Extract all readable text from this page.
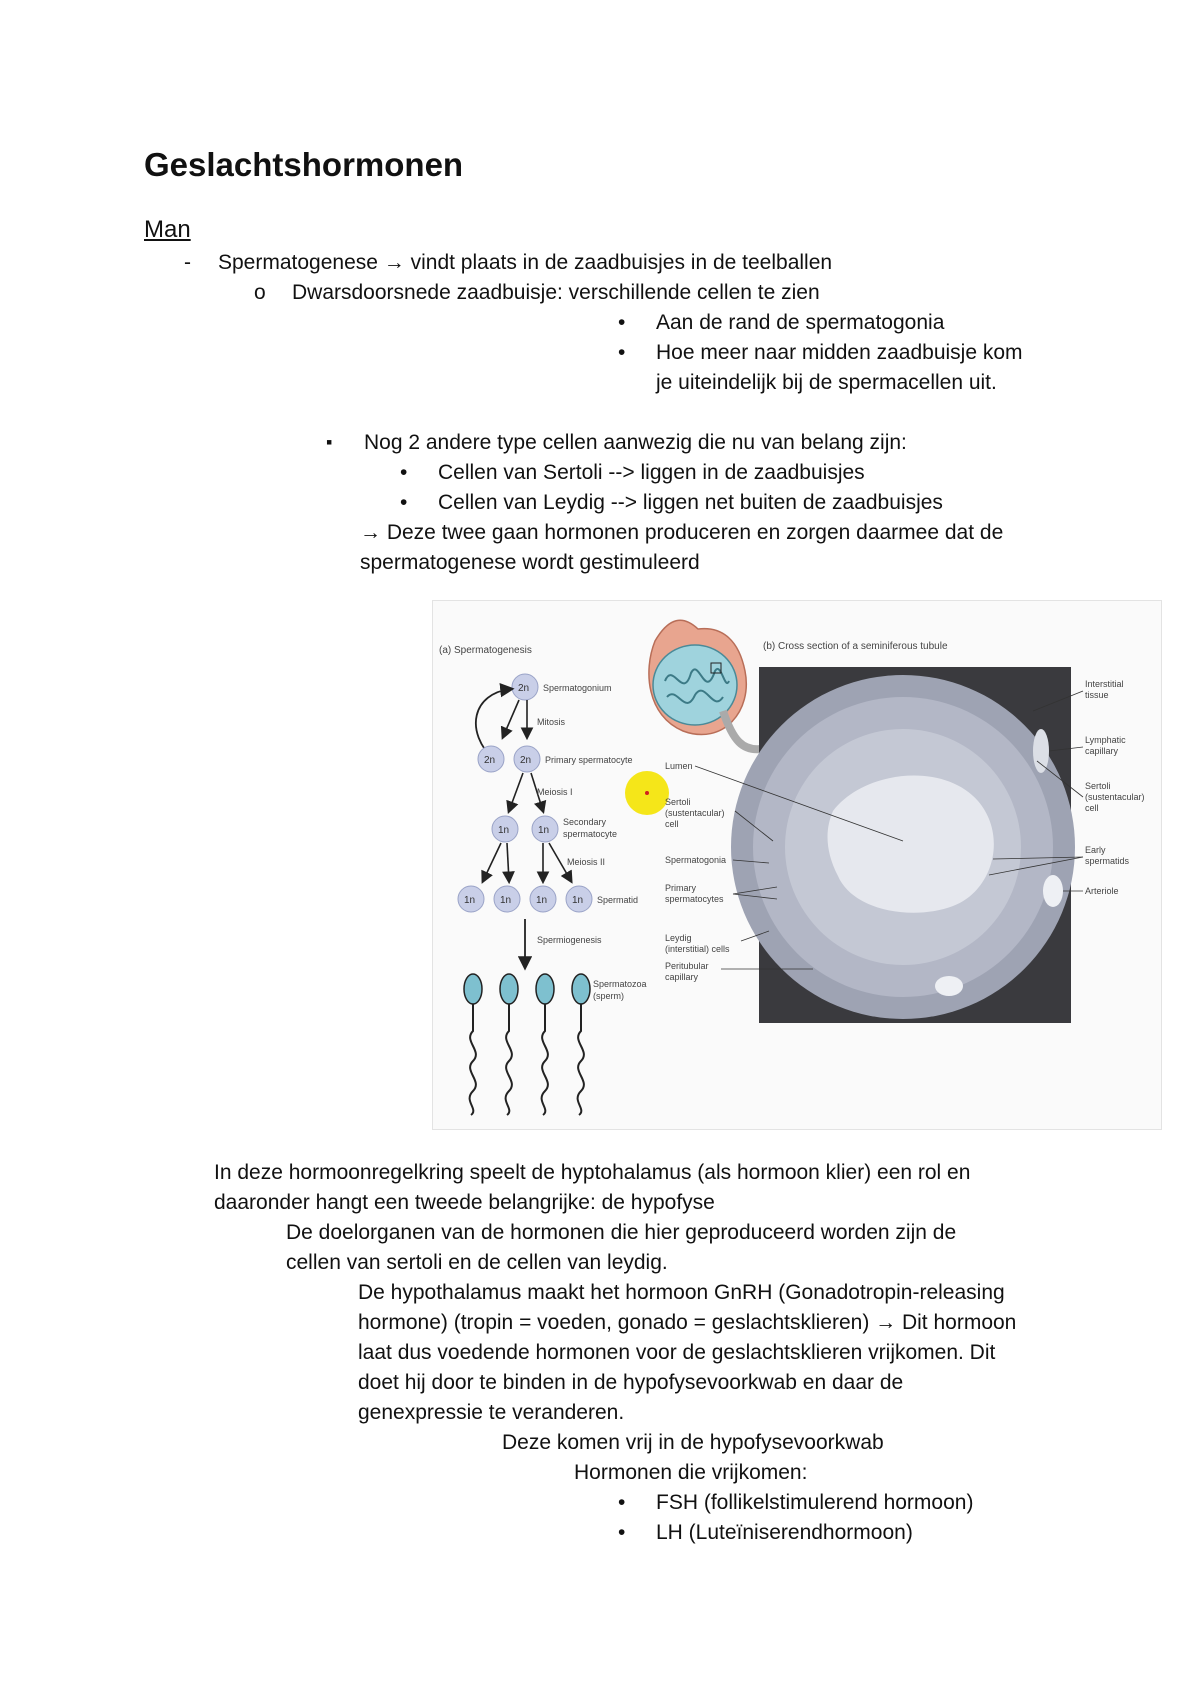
Geslachtshormonen
Man
- Spermatogenese → vindt plaats in de zaadbuisjes in de teelballen
o Dwarsdoorsnede zaadbuisje: verschillende cellen te zien
• Aan de rand de spermatogonia
• Hoe meer naar midden zaadbuisje kom
je uiteindelijk bij de spermacellen uit.
▪ Nog 2 andere type cellen aanwezig die nu van belang zijn:
• Cellen van Sertoli --> liggen in de zaadbuisjes
• Cellen van Leydig --> liggen net buiten de zaadbuisjes
→ Deze twee gaan hormonen produceren en zorgen daarmee dat de
spermatogenese wordt gestimuleerd
(a) Spermatogenesis	(b) Cross section of a seminiferous tubule
2n Spermatogonium
Mitosis
2n 2n Primary spermatocyte
Meiosis I
1n	1n
Secondary
spermatocyte
Meiosis II
1n 1n 1n 1n Spermatid
Spermiogenesis
Spermatozoa
(sperm)
Lumen
Sertoli
(sustentacular)
cell
Spermatogonia
Primary
spermatocytes
Leydig
(interstitial) cells
Peritubular
capillary
Interstitial
tissue
Lymphatic
capillary
Sertoli
(sustentacular)
cell
Early
spermatids
Arteriole
In deze hormoonregelkring speelt de hyptohalamus (als hormoon klier) een rol en
daaronder hangt een tweede belangrijke: de hypofyse
De doelorganen van de hormonen die hier geproduceerd worden zijn de
cellen van sertoli en de cellen van leydig.
De hypothalamus maakt het hormoon GnRH (Gonadotropin-releasing
hormone) (tropin = voeden, gonado = geslachtsklieren) → Dit hormoon
laat dus voedende hormonen voor de geslachtsklieren vrijkomen. Dit
doet hij door te binden in de hypofysevoorkwab en daar de
genexpressie te veranderen.
Deze komen vrij in de hypofysevoorkwab
Hormonen die vrijkomen:
• FSH (follikelstimulerend hormoon)
• LH (Luteïniserendhormoon)
